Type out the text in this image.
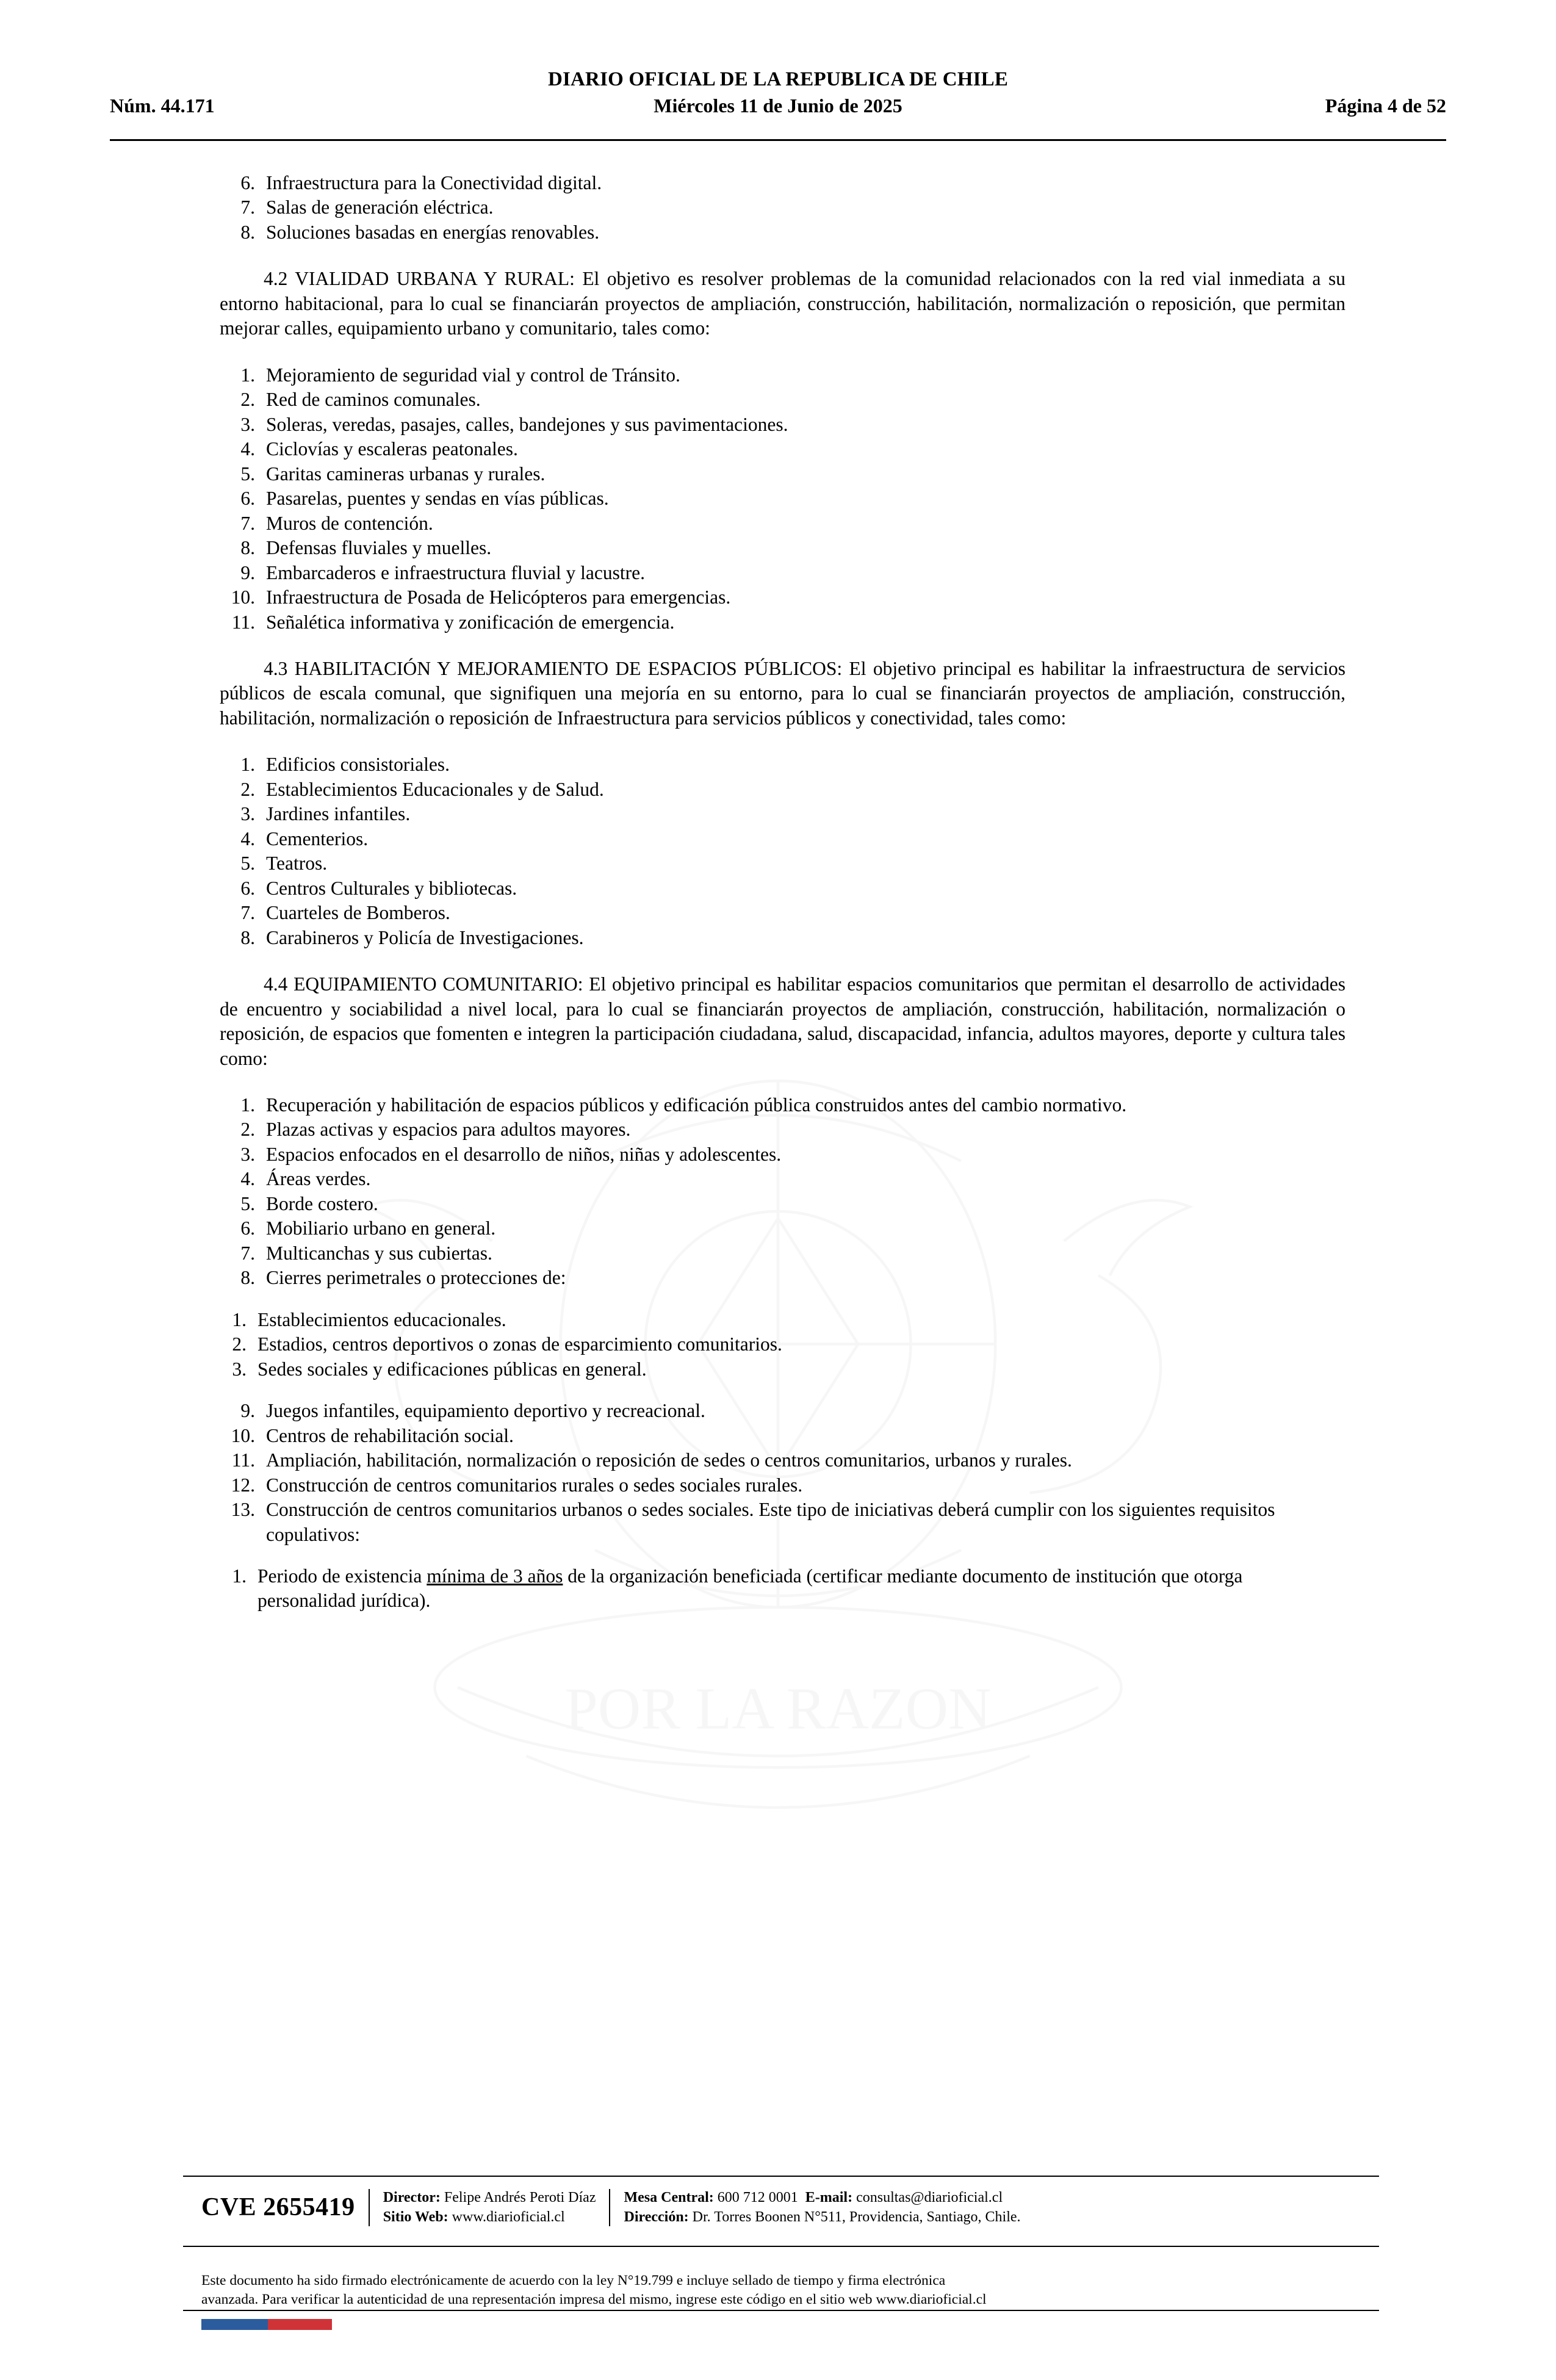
POR LA RAZON
DIARIO OFICIAL DE LA REPUBLICA DE CHILE
Núm. 44.171	Miércoles 11 de Junio de 2025	Página 4 de 52
6. Infraestructura para la Conectividad digital.
7. Salas de generación eléctrica.
8. Soluciones basadas en energías renovables.

4.2 VIALIDAD URBANA Y RURAL: El objetivo es resolver problemas de la comunidad relacionados con la red vial inmediata a su entorno habitacional, para lo cual se financiarán proyectos de ampliación, construcción, habilitación, normalización o reposición, que permitan mejorar calles, equipamiento urbano y comunitario, tales como:

1. Mejoramiento de seguridad vial y control de Tránsito.
2. Red de caminos comunales.
3. Soleras, veredas, pasajes, calles, bandejones y sus pavimentaciones.
4. Ciclovías y escaleras peatonales.
5. Garitas camineras urbanas y rurales.
6. Pasarelas, puentes y sendas en vías públicas.
7. Muros de contención.
8. Defensas fluviales y muelles.
9. Embarcaderos e infraestructura fluvial y lacustre.
10. Infraestructura de Posada de Helicópteros para emergencias.
11. Señalética informativa y zonificación de emergencia.

4.3 HABILITACIÓN Y MEJORAMIENTO DE ESPACIOS PÚBLICOS: El objetivo principal es habilitar la infraestructura de servicios públicos de escala comunal, que signifiquen una mejoría en su entorno, para lo cual se financiarán proyectos de ampliación, construcción, habilitación, normalización o reposición de Infraestructura para servicios públicos y conectividad, tales como:

1. Edificios consistoriales.
2. Establecimientos Educacionales y de Salud.
3. Jardines infantiles.
4. Cementerios.
5. Teatros.
6. Centros Culturales y bibliotecas.
7. Cuarteles de Bomberos.
8. Carabineros y Policía de Investigaciones.

4.4 EQUIPAMIENTO COMUNITARIO: El objetivo principal es habilitar espacios comunitarios que permitan el desarrollo de actividades de encuentro y sociabilidad a nivel local, para lo cual se financiarán proyectos de ampliación, construcción, habilitación, normalización o reposición, de espacios que fomenten e integren la participación ciudadana, salud, discapacidad, infancia, adultos mayores, deporte y cultura tales como:

1. Recuperación y habilitación de espacios públicos y edificación pública construidos antes del cambio normativo.
2. Plazas activas y espacios para adultos mayores.
3. Espacios enfocados en el desarrollo de niños, niñas y adolescentes.
4. Áreas verdes.
5. Borde costero.
6. Mobiliario urbano en general.
7. Multicanchas y sus cubiertas.
8. Cierres perimetrales o protecciones de:
1. Establecimientos educacionales.
2. Estadios, centros deportivos o zonas de esparcimiento comunitarios.
3. Sedes sociales y edificaciones públicas en general.
9. Juegos infantiles, equipamiento deportivo y recreacional.
10. Centros de rehabilitación social.
11. Ampliación, habilitación, normalización o reposición de sedes o centros comunitarios, urbanos y rurales.
12. Construcción de centros comunitarios rurales o sedes sociales rurales.
13. Construcción de centros comunitarios urbanos o sedes sociales. Este tipo de iniciativas deberá cumplir con los siguientes requisitos copulativos:
1. Periodo de existencia mínima de 3 años de la organización beneficiada (certificar mediante documento de institución que otorga personalidad jurídica).
CVE 2655419	Director: Felipe Andrés Peroti Díaz
Sitio Web: www.diarioficial.cl
Mesa Central: 600 712 0001 E-mail: consultas@diarioficial.cl
Dirección: Dr. Torres Boonen N°511, Providencia, Santiago, Chile.
Este documento ha sido firmado electrónicamente de acuerdo con la ley N°19.799 e incluye sellado de tiempo y firma electrónica
avanzada. Para verificar la autenticidad de una representación impresa del mismo, ingrese este código en el sitio web www.diarioficial.cl
